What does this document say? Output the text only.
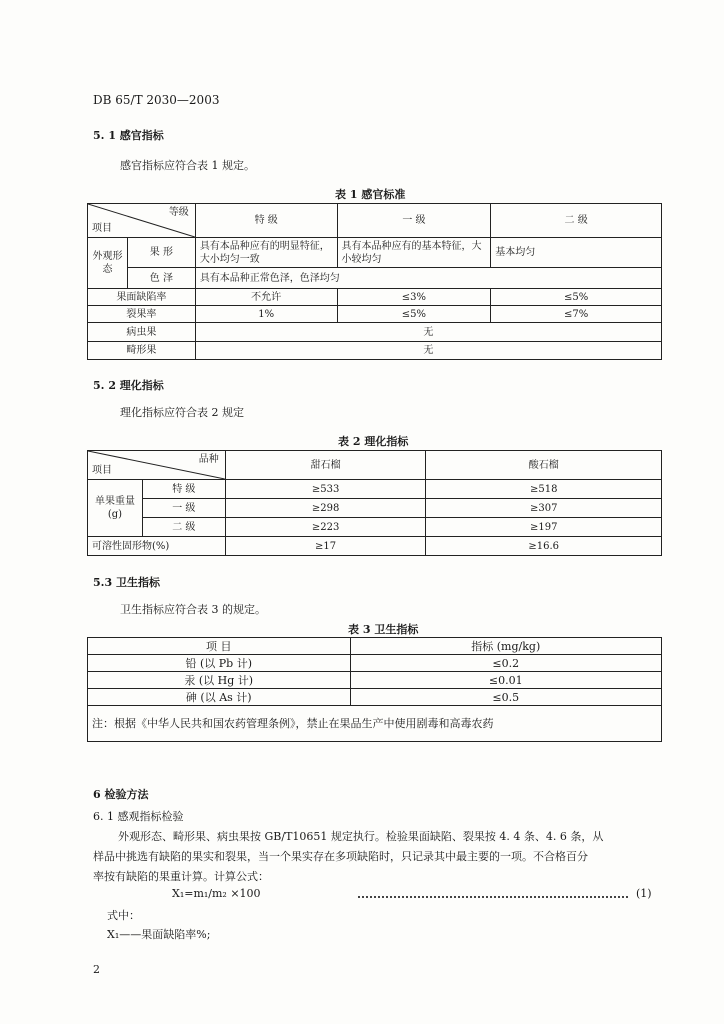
DB 65/T 2030—2003
5. 1 感官指标
感官指标应符合表 1 规定。
表 1 感官标准
等级
项目		特 级	一 级	二 级
外观形态	果 形	具有本品种应有的明显特征，大小均匀一致	具有本品种应有的基本特征，大小较均匀	基本均匀
	色 泽	具有本品种正常色泽，色泽均匀		
果面缺陷率		不允许	≤3%	≤5%
裂果率		1%	≤5%	≤7%
病虫果		无		
畸形果		无		
5. 2 理化指标
理化指标应符合表 2 规定
表 2 理化指标
品种
项目		甜石榴	酸石榴
单果重量(g)	特 级	≥533	≥518
	一 级	≥298	≥307
	二 级	≥223	≥197
可溶性固形物(%)		≥17	≥16.6
5.3 卫生指标
卫生指标应符合表 3 的规定。
表 3 卫生指标
项 目	指标 (mg/kg)
铅 (以 Pb 计)	≤0.2
汞 (以 Hg 计)	≤0.01
砷 (以 As 计)	≤0.5
注：根据《中华人民共和国农药管理条例》，禁止在果品生产中使用剧毒和高毒农药	
6 检验方法
6. 1 感观指标检验
外观形态、畸形果、病虫果按 GB/T10651 规定执行。检验果面缺陷、裂果按 4. 4 条、4. 6 条，从
样品中挑选有缺陷的果实和裂果，当一个果实存在多项缺陷时，只记录其中最主要的一项。不合格百分
率按有缺陷的果重计算。计算公式：
X₁=m₁/m₂ ×100	(1)
式中：
X₁——果面缺陷率%;
2
